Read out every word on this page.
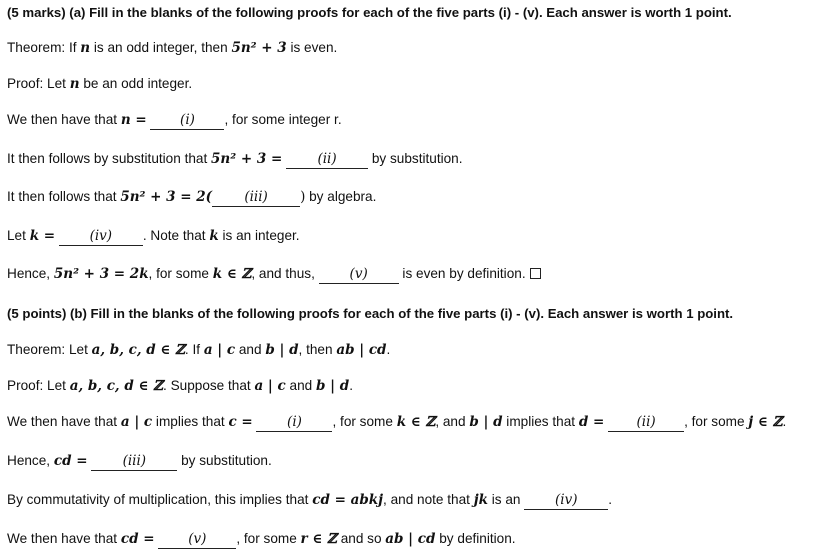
(5 marks) (a) Fill in the blanks of the following proofs for each of the five parts (i) - (v). Each answer is worth 1 point.
Theorem: If n is an odd integer, then 5n² + 3 is even.
Proof: Let n be an odd integer.
We then have that n = (i) , for some integer r.
It then follows by substitution that 5n² + 3 =	(ii)	by substitution.
It then follows that 5n² + 3 = 2( (iii) ) by algebra.
Let k =	(iv) . Note that k is an integer.
Hence, 5n² + 3 = 2k, for some k ∈ ℤ, and thus,	(v)	is even by definition.
(5 points) (b) Fill in the blanks of the following proofs for each of the five parts (i) - (v). Each answer is worth 1 point.
Theorem: Let a, b, c, d ∈ ℤ. If a | c and b | d, then ab | cd.
Proof: Let a, b, c, d ∈ ℤ. Suppose that a | c and b | d.
We then have that a | c implies that c =	(i) , for some k ∈ ℤ, and b | d implies that d = (ii) , for some j ∈ ℤ.
Hence, cd =	(iii)	by substitution.
By commutativity of multiplication, this implies that cd = abkj, and note that jk is an	(iv) .
We then have that cd = (v) , for some r ∈ ℤ and so ab | cd by definition.
